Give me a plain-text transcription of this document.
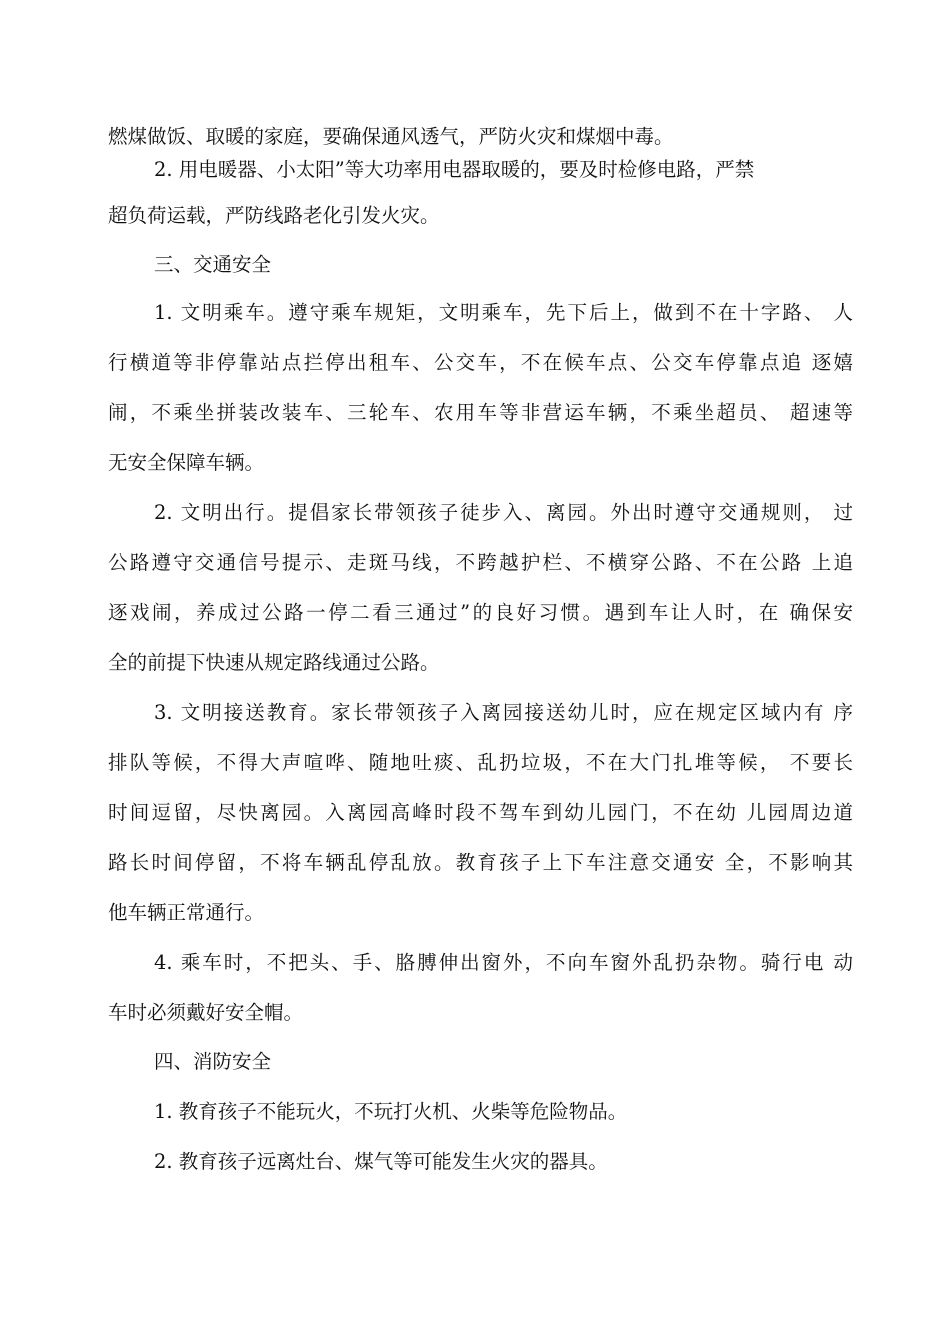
燃煤做饭、取暖的家庭，要确保通风透气，严防火灾和煤烟中毒。
2. 用电暖器、小太阳”等大功率用电器取暖的，要及时检修电路，严禁
超负荷运载，严防线路老化引发火灾。
三、交通安全
1. 文明乘车。遵守乘车规矩，文明乘车，先下后上，做到不在十字路、 人
行横道等非停靠站点拦停出租车、公交车，不在候车点、公交车停靠点追 逐嬉
闹，不乘坐拼装改装车、三轮车、农用车等非营运车辆，不乘坐超员、 超速等
无安全保障车辆。
2. 文明出行。提倡家长带领孩子徒步入、离园。外出时遵守交通规则， 过
公路遵守交通信号提示、走斑马线，不跨越护栏、不横穿公路、不在公路 上追
逐戏闹，养成过公路一停二看三通过”的良好习惯。遇到车让人时，在 确保安
全的前提下快速从规定路线通过公路。
3. 文明接送教育。家长带领孩子入离园接送幼儿时，应在规定区域内有 序
排队等候，不得大声喧哗、随地吐痰、乱扔垃圾，不在大门扎堆等候， 不要长
时间逗留，尽快离园。入离园高峰时段不驾车到幼儿园门，不在幼 儿园周边道
路长时间停留，不将车辆乱停乱放。教育孩子上下车注意交通安 全，不影响其
他车辆正常通行。
4. 乘车时，不把头、手、胳膊伸出窗外，不向车窗外乱扔杂物。骑行电 动
车时必须戴好安全帽。
四、消防安全
1. 教育孩子不能玩火，不玩打火机、火柴等危险物品。
2. 教育孩子远离灶台、煤气等可能发生火灾的器具。
